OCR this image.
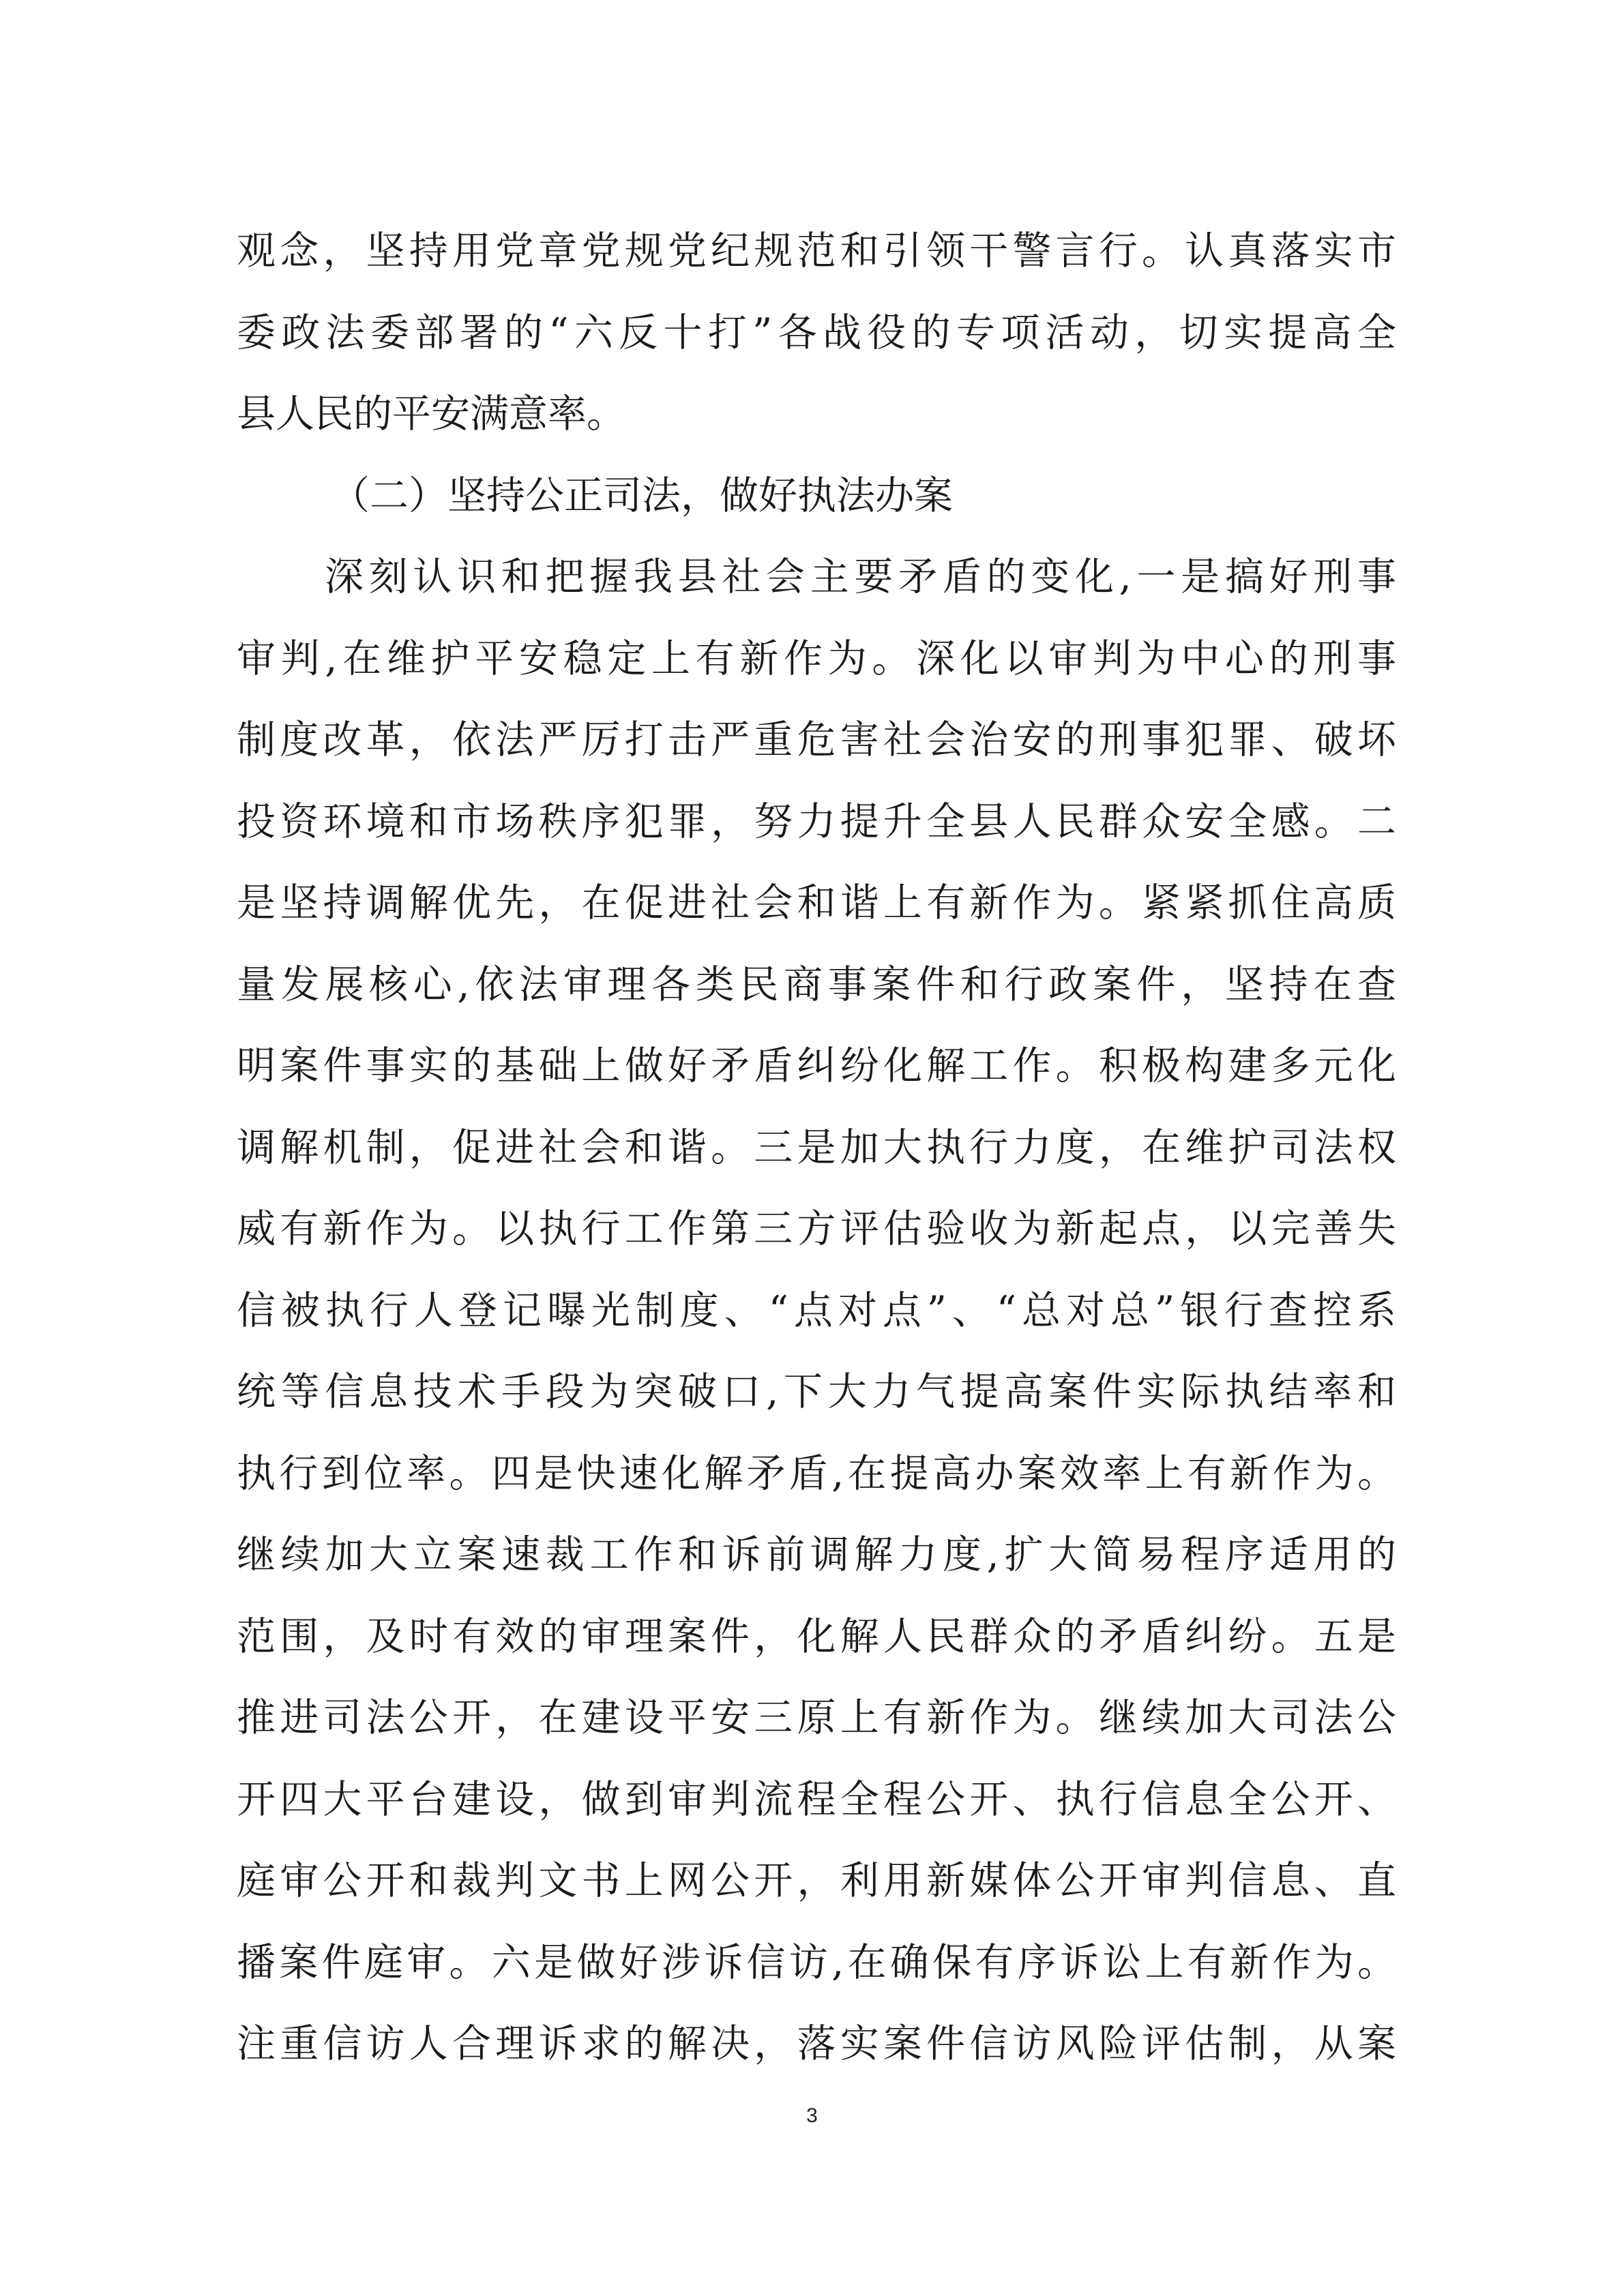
观念，坚持用党章党规党纪规范和引领干警言行。认真落实市
委政法委部署的“六反十打”各战役的专项活动，切实提高全
县人民的平安满意率。
（二）坚持公正司法，做好执法办案
深刻认识和把握我县社会主要矛盾的变化,一是搞好刑事
审判,在维护平安稳定上有新作为。深化以审判为中心的刑事
制度改革，依法严厉打击严重危害社会治安的刑事犯罪、破坏
投资环境和市场秩序犯罪，努力提升全县人民群众安全感。二
是坚持调解优先，在促进社会和谐上有新作为。紧紧抓住高质
量发展核心,依法审理各类民商事案件和行政案件，坚持在查
明案件事实的基础上做好矛盾纠纷化解工作。积极构建多元化
调解机制，促进社会和谐。三是加大执行力度，在维护司法权
威有新作为。以执行工作第三方评估验收为新起点，以完善失
信被执行人登记曝光制度、“点对点”、“总对总”银行查控系
统等信息技术手段为突破口,下大力气提高案件实际执结率和
执行到位率。四是快速化解矛盾,在提高办案效率上有新作为。
继续加大立案速裁工作和诉前调解力度,扩大简易程序适用的
范围，及时有效的审理案件，化解人民群众的矛盾纠纷。五是
推进司法公开，在建设平安三原上有新作为。继续加大司法公
开四大平台建设，做到审判流程全程公开、执行信息全公开、
庭审公开和裁判文书上网公开，利用新媒体公开审判信息、直
播案件庭审。六是做好涉诉信访,在确保有序诉讼上有新作为。
注重信访人合理诉求的解决，落实案件信访风险评估制，从案
3
